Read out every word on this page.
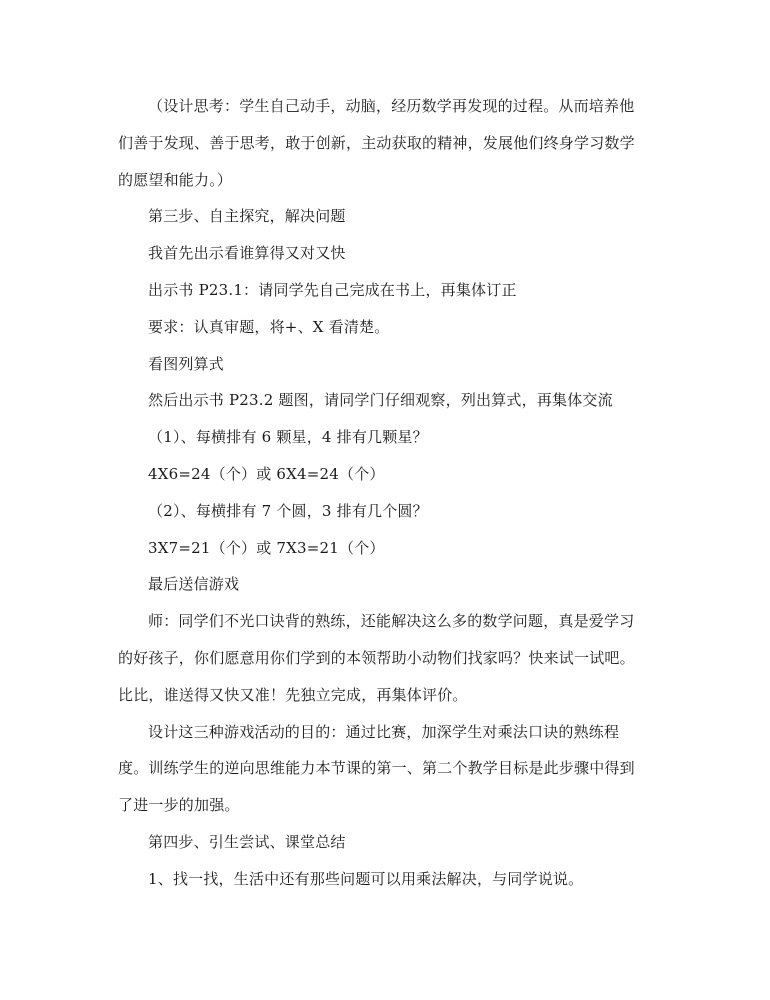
（设计思考：学生自己动手，动脑，经历数学再发现的过程。从而培养他
们善于发现、善于思考，敢于创新，主动获取的精神，发展他们终身学习数学
的愿望和能力。）

第三步、自主探究，解决问题

我首先出示看谁算得又对又快

出示书 P23.1：请同学先自己完成在书上，再集体订正

要求：认真审题，将+、X 看清楚。

看图列算式

然后出示书 P23.2 题图，请同学门仔细观察，列出算式，再集体交流

（1）、每横排有 6 颗星，4 排有几颗星？

4X6=24（个）或 6X4=24（个）

（2）、每横排有 7 个圆，3 排有几个圆？

3X7=21（个）或 7X3=21（个）

最后送信游戏

师：同学们不光口诀背的熟练，还能解决这么多的数学问题，真是爱学习
的好孩子，你们愿意用你们学到的本领帮助小动物们找家吗？快来试一试吧。
比比，谁送得又快又准！先独立完成，再集体评价。

设计这三种游戏活动的目的：通过比赛，加深学生对乘法口诀的熟练程
度。训练学生的逆向思维能力本节课的第一、第二个教学目标是此步骤中得到
了进一步的加强。

第四步、引生尝试、课堂总结

1、找一找，生活中还有那些问题可以用乘法解决，与同学说说。
